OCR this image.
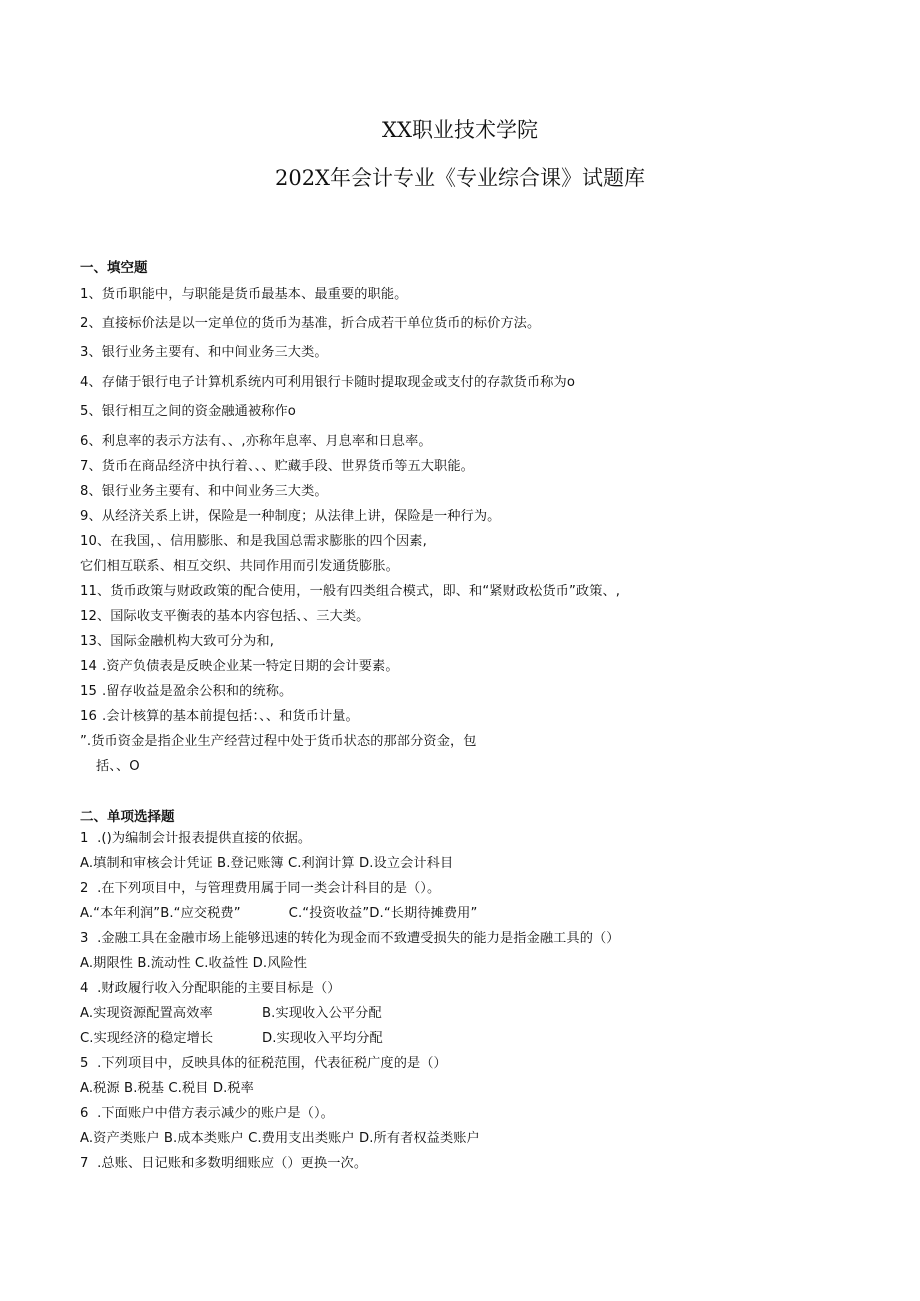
XX职业技术学院
202X年会计专业《专业综合课》试题库
一、填空题
1、货币职能中，与职能是货币最基本、最重要的职能。
2、直接标价法是以一定单位的货币为基准，折合成若干单位货币的标价方法。
3、银行业务主要有、和中间业务三大类。
4、存储于银行电子计算机系统内可利用银行卡随时提取现金或支付的存款货币称为o
5、银行相互之间的资金融通被称作o
6、利息率的表示方法有、、,亦称年息率、月息率和日息率。
7、货币在商品经济中执行着、、、贮藏手段、世界货币等五大职能。
8、银行业务主要有、和中间业务三大类。
9、从经济关系上讲，保险是一种制度；从法律上讲，保险是一种行为。
10、在我国，、信用膨胀、和是我国总需求膨胀的四个因素,
它们相互联系、相互交织、共同作用而引发通货膨胀。
11、货币政策与财政政策的配合使用，一般有四类组合模式，即、和“紧财政松货币”政策、,
12、国际收支平衡表的基本内容包括、、三大类。
13、国际金融机构大致可分为和,
14 .资产负债表是反映企业某一特定日期的会计要素。
15 .留存收益是盈余公积和的统称。
16 .会计核算的基本前提包括：、、和货币计量。
”.货币资金是指企业生产经营过程中处于货币状态的那部分资金，包
括、、O
二、单项选择题
1  .()为编制会计报表提供直接的依据。
A.填制和审核会计凭证 B.登记账簿 C.利润计算 D.设立会计科目
2  .在下列项目中，与管理费用属于同一类会计科目的是（）。
A.“本年利润”B.“应交税费”	C.“投资收益”D.“长期待摊费用”
3  .金融工具在金融市场上能够迅速的转化为现金而不致遭受损失的能力是指金融工具的（）
A.期限性 B.流动性 C.收益性 D.风险性
4  .财政履行收入分配职能的主要目标是（）
A.实现资源配置高效率	B.实现收入公平分配
C.实现经济的稳定增长	D.实现收入平均分配
5  .下列项目中，反映具体的征税范围，代表征税广度的是（）
A.税源 B.税基 C.税目 D.税率
6  .下面账户中借方表示减少的账户是（）。
A.资产类账户 B.成本类账户 C.费用支出类账户 D.所有者权益类账户
7  .总账、日记账和多数明细账应（）更换一次。
